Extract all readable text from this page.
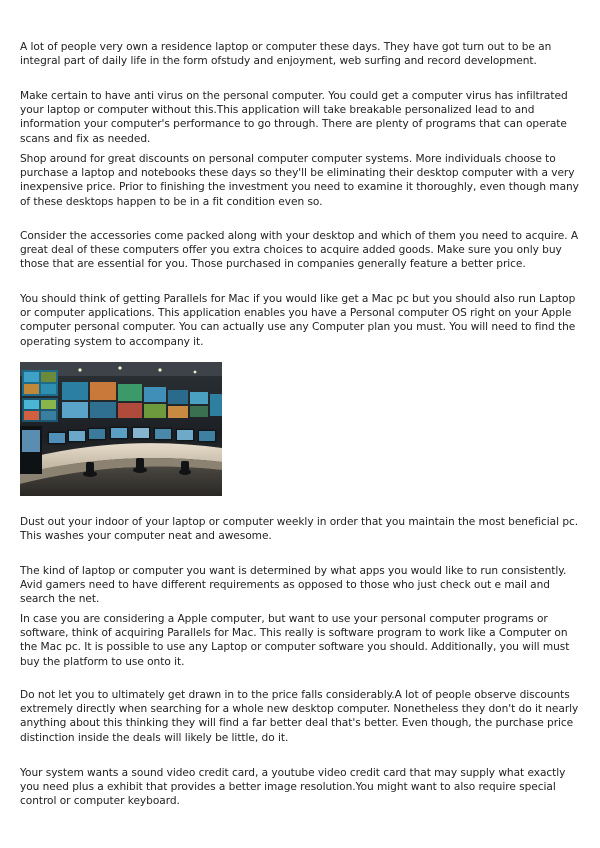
A lot of people very own a residence laptop or computer these days. They have got turn out to be an integral part of daily life in the form ofstudy and enjoyment, web surfing and record development.

Make certain to have anti virus on the personal computer. You could get a computer virus has infiltrated your laptop or computer without this.This application will take breakable personalized lead to and information your computer's performance to go through. There are plenty of programs that can operate scans and fix as needed.

Shop around for great discounts on personal computer computer systems. More individuals choose to purchase a laptop and notebooks these days so they'll be eliminating their desktop computer with a very inexpensive price. Prior to finishing the investment you need to examine it thoroughly, even though many of these desktops happen to be in a fit condition even so.

Consider the accessories come packed along with your desktop and which of them you need to acquire. A great deal of these computers offer you extra choices to acquire added goods. Make sure you only buy those that are essential for you. Those purchased in companies generally feature a better price.

You should think of getting Parallels for Mac if you would like get a Mac pc but you should also run Laptop or computer applications. This application enables you have a Personal computer OS right on your Apple computer personal computer. You can actually use any Computer plan you must. You will need to find the operating system to accompany it.

Dust out your indoor of your laptop or computer weekly in order that you maintain the most beneficial pc. This washes your computer neat and awesome.

The kind of laptop or computer you want is determined by what apps you would like to run consistently. Avid gamers need to have different requirements as opposed to those who just check out e mail and search the net.

In case you are considering a Apple computer, but want to use your personal computer programs or software, think of acquiring Parallels for Mac. This really is software program to work like a Computer on the Mac pc. It is possible to use any Laptop or computer software you should. Additionally, you will must buy the platform to use onto it.

Do not let you to ultimately get drawn in to the price falls considerably.A lot of people observe discounts extremely directly when searching for a whole new desktop computer. Nonetheless they don't do it nearly anything about this thinking they will find a far better deal that's better. Even though, the purchase price distinction inside the deals will likely be little, do it.

Your system wants a sound video credit card, a youtube video credit card that may supply what exactly you need plus a exhibit that provides a better image resolution.You might want to also require special control or computer keyboard.
